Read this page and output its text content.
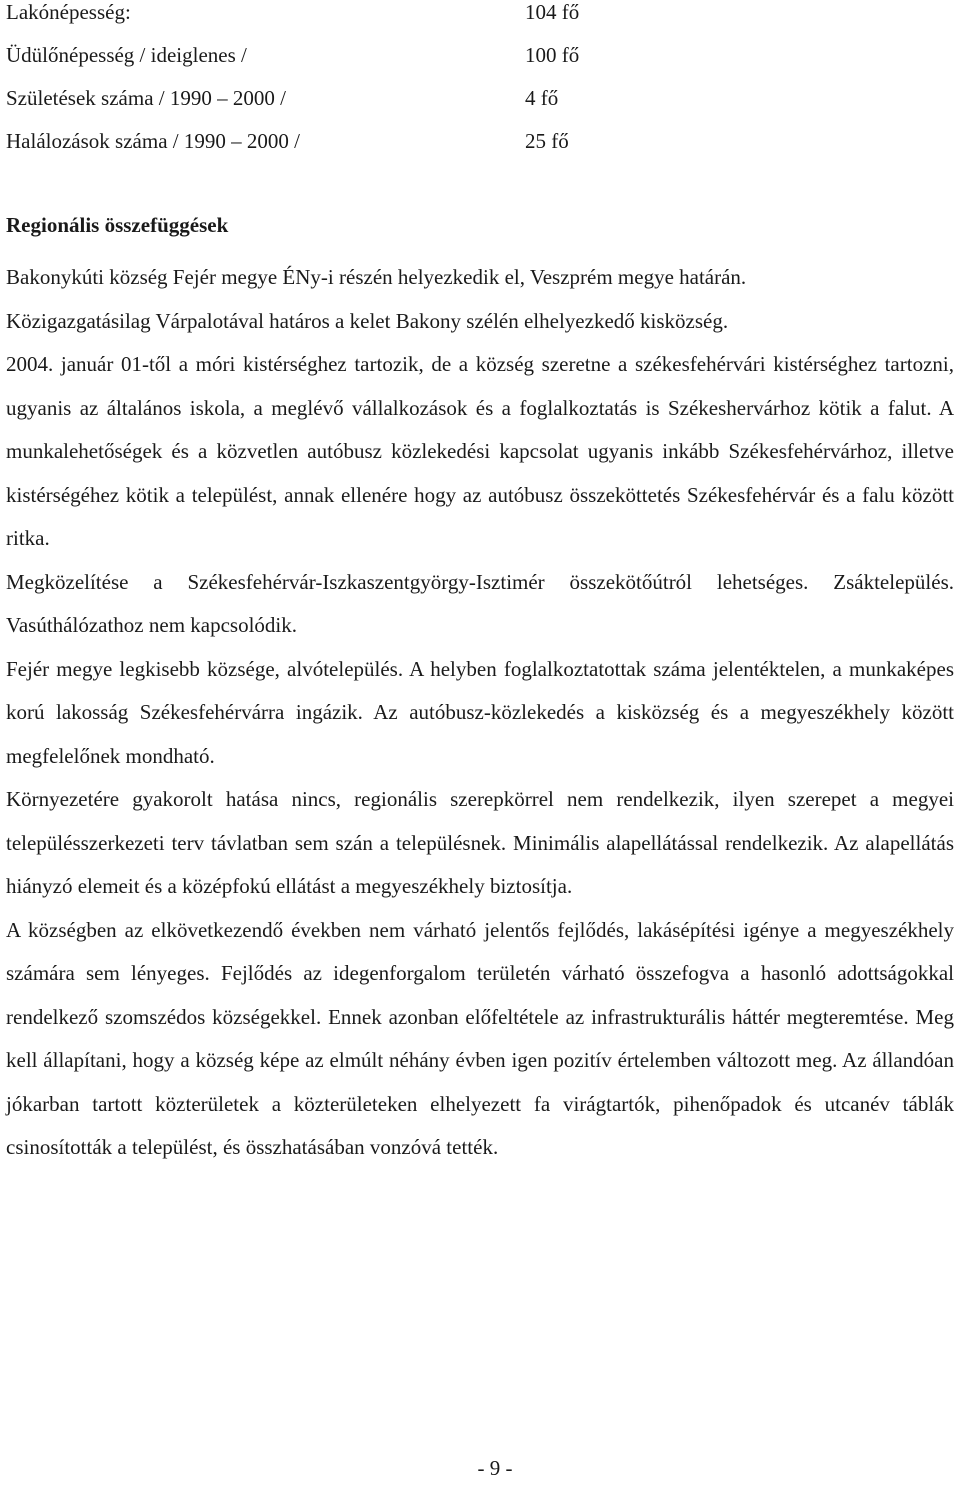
Lakónépesség:	104 fő
Üdülőnépesség / ideiglenes /	100 fő
Születések száma / 1990 – 2000 /	4 fő
Halálozások száma / 1990 – 2000 /	25 fő
Regionális összefüggések

Bakonykúti község Fejér megye ÉNy-i részén helyezkedik el, Veszprém megye határán.

Közigazgatásilag Várpalotával határos a kelet Bakony szélén elhelyezkedő kisközség.

2004. január 01-től a móri kistérséghez tartozik, de a község szeretne a székesfehérvári kistérséghez tartozni, ugyanis az általános iskola, a meglévő vállalkozások és a foglalkoztatás is Székeshervárhoz kötik a falut. A munkalehetőségek és a közvetlen autóbusz közlekedési kapcsolat ugyanis inkább Székesfehérvárhoz, illetve kistérségéhez kötik a települést, annak ellenére hogy az autóbusz összeköttetés Székesfehérvár és a falu között ritka.

Megközelítése a Székesfehérvár-Iszkaszentgyörgy-Isztimér összekötőútról lehetséges. Zsáktelepülés. Vasúthálózathoz nem kapcsolódik.

Fejér megye legkisebb községe, alvótelepülés. A helyben foglalkoztatottak száma jelentéktelen, a munkaképes korú lakosság Székesfehérvárra ingázik. Az autóbusz-közlekedés a kisközség és a megyeszékhely között megfelelőnek mondható.

Környezetére gyakorolt hatása nincs, regionális szerepkörrel nem rendelkezik, ilyen szerepet a megyei településszerkezeti terv távlatban sem szán a településnek. Minimális alapellátással rendelkezik. Az alapellátás hiányzó elemeit és a középfokú ellátást a megyeszékhely biztosítja.

A községben az elkövetkezendő években nem várható jelentős fejlődés, lakásépítési igénye a megyeszékhely számára sem lényeges. Fejlődés az idegenforgalom területén várható összefogva a hasonló adottságokkal rendelkező szomszédos községekkel. Ennek azonban előfeltétele az infrastrukturális háttér megteremtése. Meg kell állapítani, hogy a község képe az elmúlt néhány évben igen pozitív értelemben változott meg. Az állandóan jókarban tartott közterületek a közterületeken elhelyezett fa virágtartók, pihenőpadok és utcanév táblák csinosították a települést, és összhatásában vonzóvá tették.

- 9 -
